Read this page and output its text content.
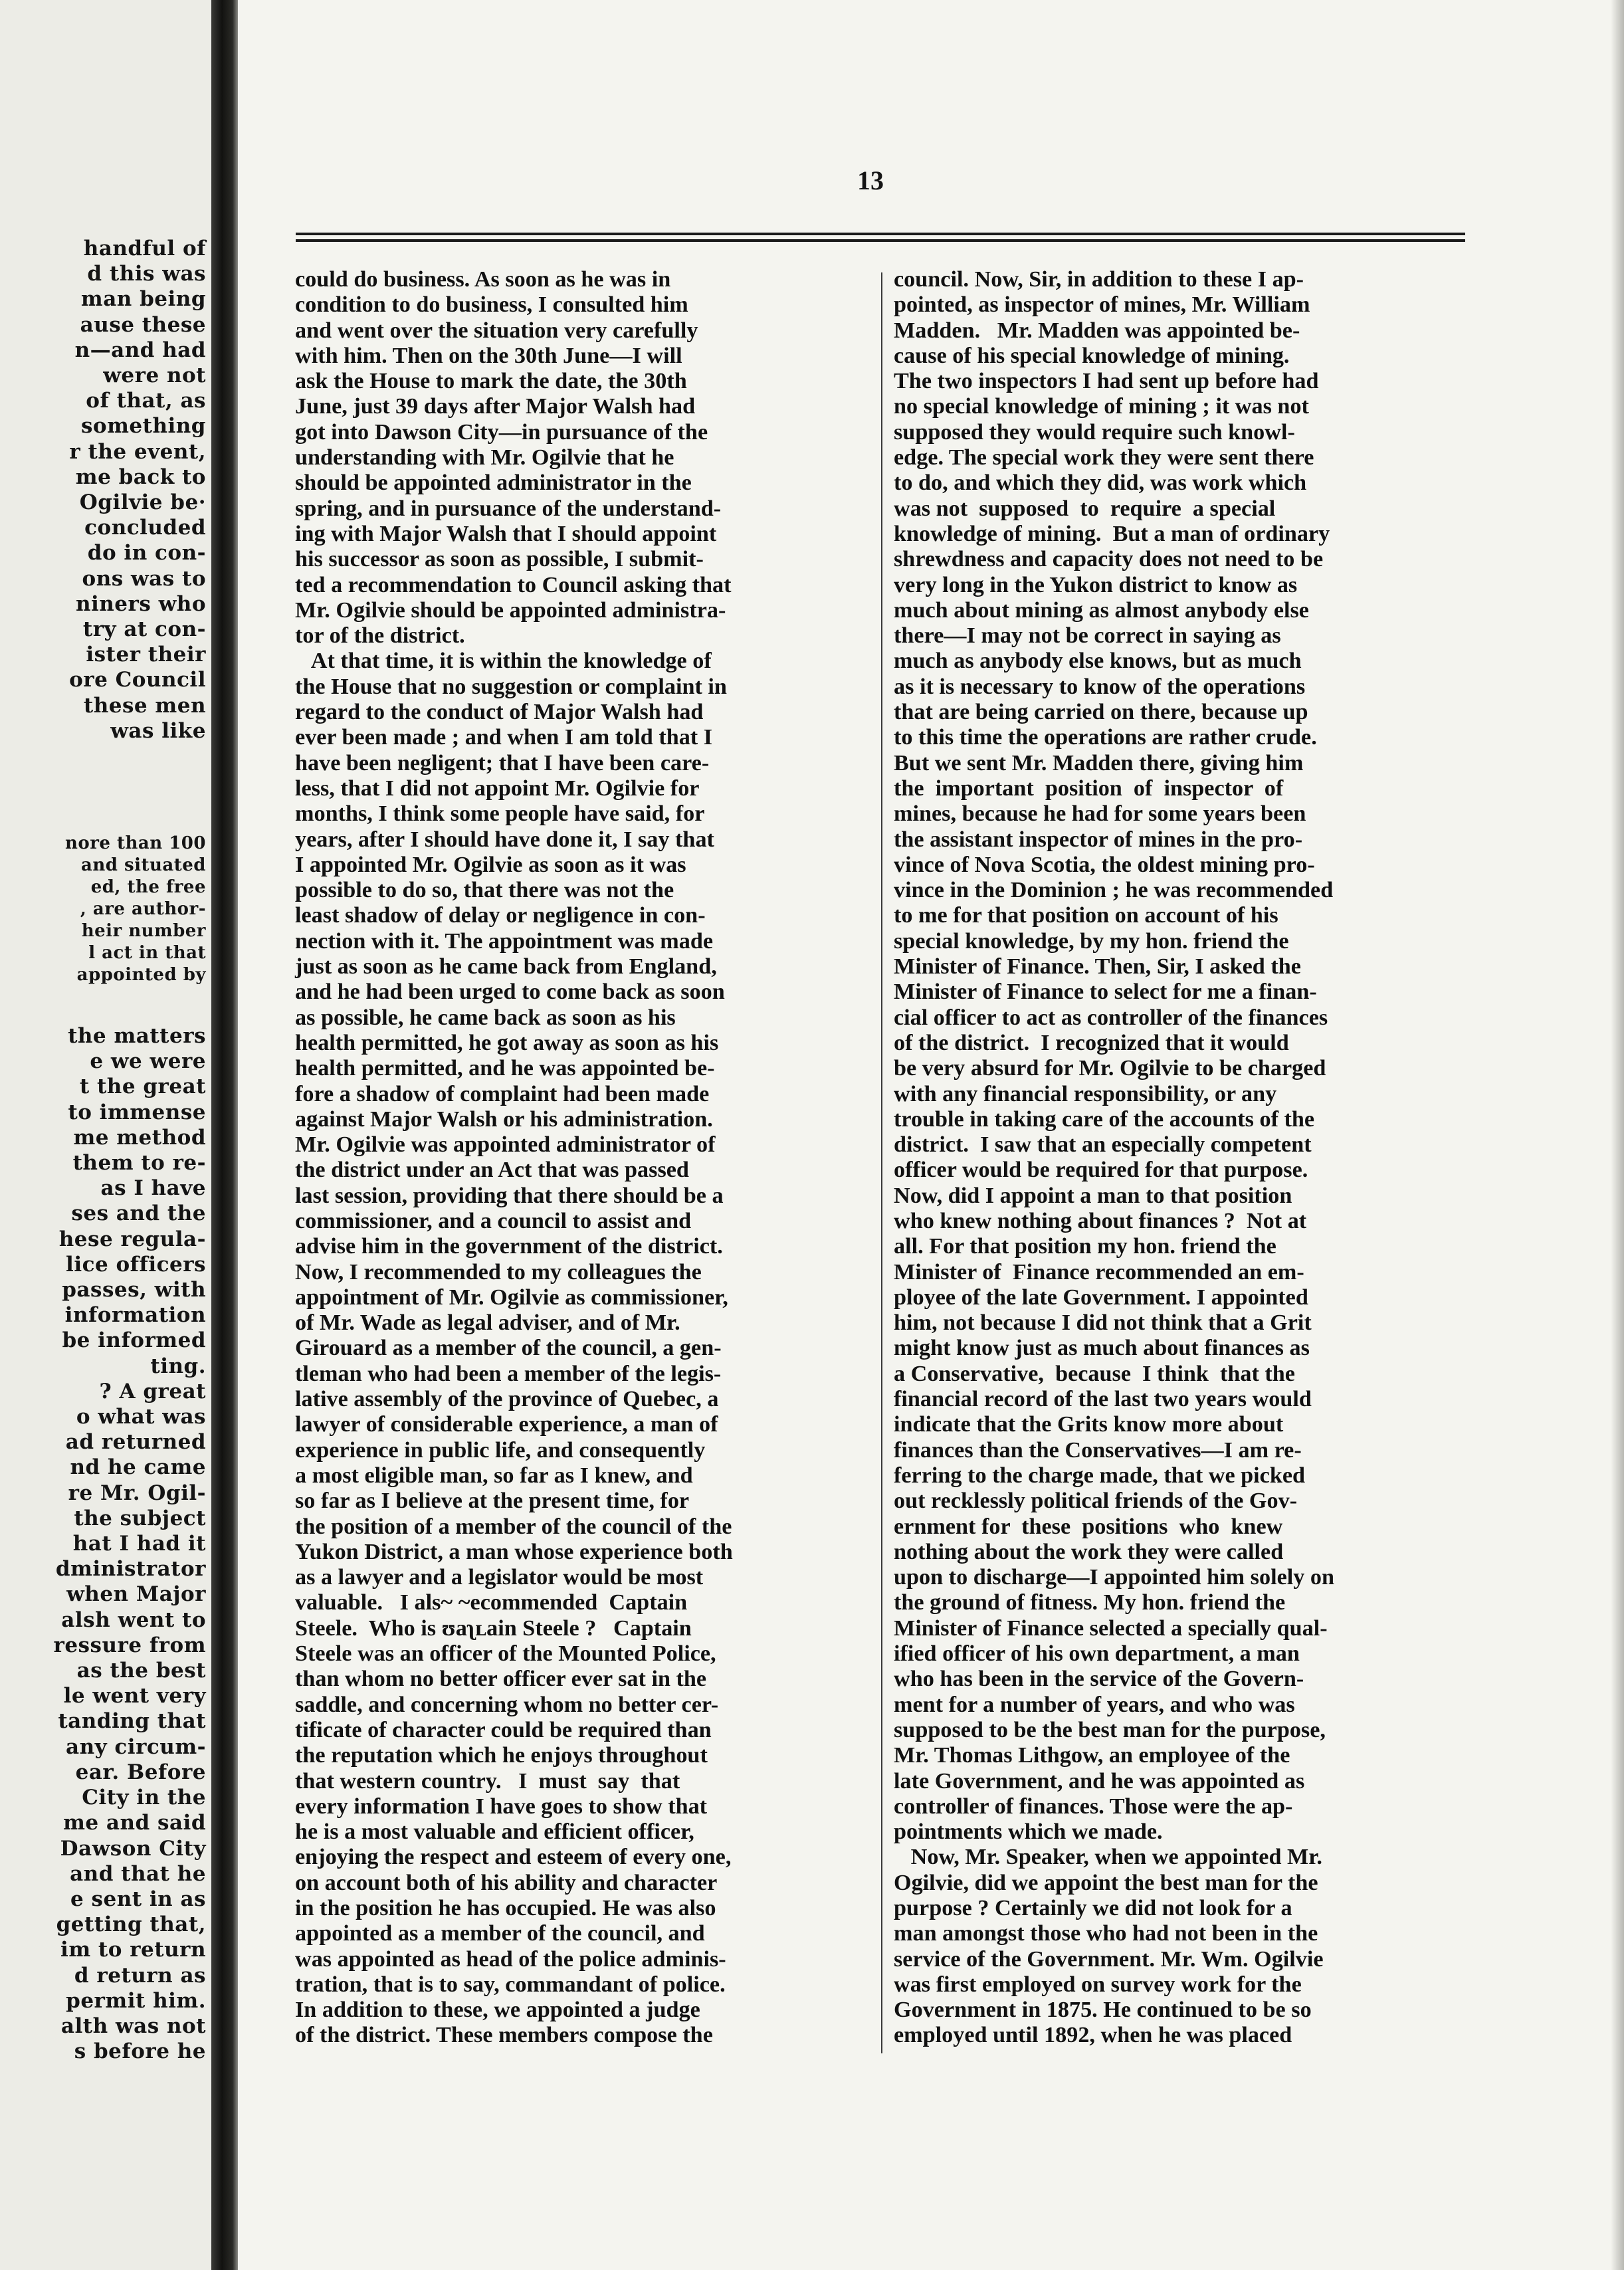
handful of
d this was
man being
ause these
n—and had
were not
of that, as
something
r the event,
me back to
Ogilvie be·
concluded
do in con-
ons was to
niners who
try at con-
ister their
ore Council
these men
was like
nore than 100
and situated
ed, the free
, are author-
heir number
l act in that
appointed by
the matters
e we were
t the great
to immense
me method
them to re-
as I have
ses and the
hese regula-
lice officers
passes, with
information
be informed
ting.
? A great
o what was
ad returned
nd he came
re Mr. Ogil-
the subject
hat I had it
dministrator
when Major
alsh went to
ressure from
as the best
le went very
tanding that
any circum-
ear. Before
City in the
me and said
Dawson City
and that he
e sent in as
getting that,
im to return
d return as
permit him.
alth was not
s before he
13
could do business. As soon as he was in
condition to do business, I consulted him
and went over the situation very carefully
with him. Then on the 30th June—I will
ask the House to mark the date, the 30th
June, just 39 days after Major Walsh had
got into Dawson City—in pursuance of the
understanding with Mr. Ogilvie that he
should be appointed administrator in the
spring, and in pursuance of the understand-
ing with Major Walsh that I should appoint
his successor as soon as possible, I submit-
ted a recommendation to Council asking that
Mr. Ogilvie should be appointed administra-
tor of the district.
At that time, it is within the knowledge of
the House that no suggestion or complaint in
regard to the conduct of Major Walsh had
ever been made ; and when I am told that I
have been negligent; that I have been care-
less, that I did not appoint Mr. Ogilvie for
months, I think some people have said, for
years, after I should have done it, I say that
I appointed Mr. Ogilvie as soon as it was
possible to do so, that there was not the
least shadow of delay or negligence in con-
nection with it. The appointment was made
just as soon as he came back from England,
and he had been urged to come back as soon
as possible, he came back as soon as his
health permitted, he got away as soon as his
health permitted, and he was appointed be-
fore a shadow of complaint had been made
against Major Walsh or his administration.
Mr. Ogilvie was appointed administrator of
the district under an Act that was passed
last session, providing that there should be a
commissioner, and a council to assist and
advise him in the government of the district.
Now, I recommended to my colleagues the
appointment of Mr. Ogilvie as commissioner,
of Mr. Wade as legal adviser, and of Mr.
Girouard as a member of the council, a gen-
tleman who had been a member of the legis-
lative assembly of the province of Quebec, a
lawyer of considerable experience, a man of
experience in public life, and consequently
a most eligible man, so far as I knew, and
so far as I believe at the present time, for
the position of a member of the council of the
Yukon District, a man whose experience both
as a lawyer and a legislator would be most
valuable.   I als~ ~ecommended  Captain
Steele.  Who is ʊaʅʟain Steele ?   Captain
Steele was an officer of the Mounted Police,
than whom no better officer ever sat in the
saddle, and concerning whom no better cer-
tificate of character could be required than
the reputation which he enjoys throughout
that western country.   I  must  say  that
every information I have goes to show that
he is a most valuable and efficient officer,
enjoying the respect and esteem of every one,
on account both of his ability and character
in the position he has occupied. He was also
appointed as a member of the council, and
was appointed as head of the police adminis-
tration, that is to say, commandant of police.
In addition to these, we appointed a judge
of the district. These members compose the
council. Now, Sir, in addition to these I ap-
pointed, as inspector of mines, Mr. William
Madden.   Mr. Madden was appointed be-
cause of his special knowledge of mining.
The two inspectors I had sent up before had
no special knowledge of mining ; it was not
supposed they would require such knowl-
edge. The special work they were sent there
to do, and which they did, was work which
was not  supposed  to  require  a special
knowledge of mining.  But a man of ordinary
shrewdness and capacity does not need to be
very long in the Yukon district to know as
much about mining as almost anybody else
there—I may not be correct in saying as
much as anybody else knows, but as much
as it is necessary to know of the operations
that are being carried on there, because up
to this time the operations are rather crude.
But we sent Mr. Madden there, giving him
the  important  position  of  inspector  of
mines, because he had for some years been
the assistant inspector of mines in the pro-
vince of Nova Scotia, the oldest mining pro-
vince in the Dominion ; he was recommended
to me for that position on account of his
special knowledge, by my hon. friend the
Minister of Finance. Then, Sir, I asked the
Minister of Finance to select for me a finan-
cial officer to act as controller of the finances
of the district.  I recognized that it would
be very absurd for Mr. Ogilvie to be charged
with any financial responsibility, or any
trouble in taking care of the accounts of the
district.  I saw that an especially competent
officer would be required for that purpose.
Now, did I appoint a man to that position
who knew nothing about finances ?  Not at
all. For that position my hon. friend the
Minister of  Finance recommended an em-
ployee of the late Government. I appointed
him, not because I did not think that a Grit
might know just as much about finances as
a Conservative,  because  I think  that the
financial record of the last two years would
indicate that the Grits know more about
finances than the Conservatives—I am re-
ferring to the charge made, that we picked
out recklessly political friends of the Gov-
ernment for  these  positions  who  knew
nothing about the work they were called
upon to discharge—I appointed him solely on
the ground of fitness. My hon. friend the
Minister of Finance selected a specially qual-
ified officer of his own department, a man
who has been in the service of the Govern-
ment for a number of years, and who was
supposed to be the best man for the purpose,
Mr. Thomas Lithgow, an employee of the
late Government, and he was appointed as
controller of finances. Those were the ap-
pointments which we made.
Now, Mr. Speaker, when we appointed Mr.
Ogilvie, did we appoint the best man for the
purpose ? Certainly we did not look for a
man amongst those who had not been in the
service of the Government. Mr. Wm. Ogilvie
was first employed on survey work for the
Government in 1875. He continued to be so
employed until 1892, when he was placed
